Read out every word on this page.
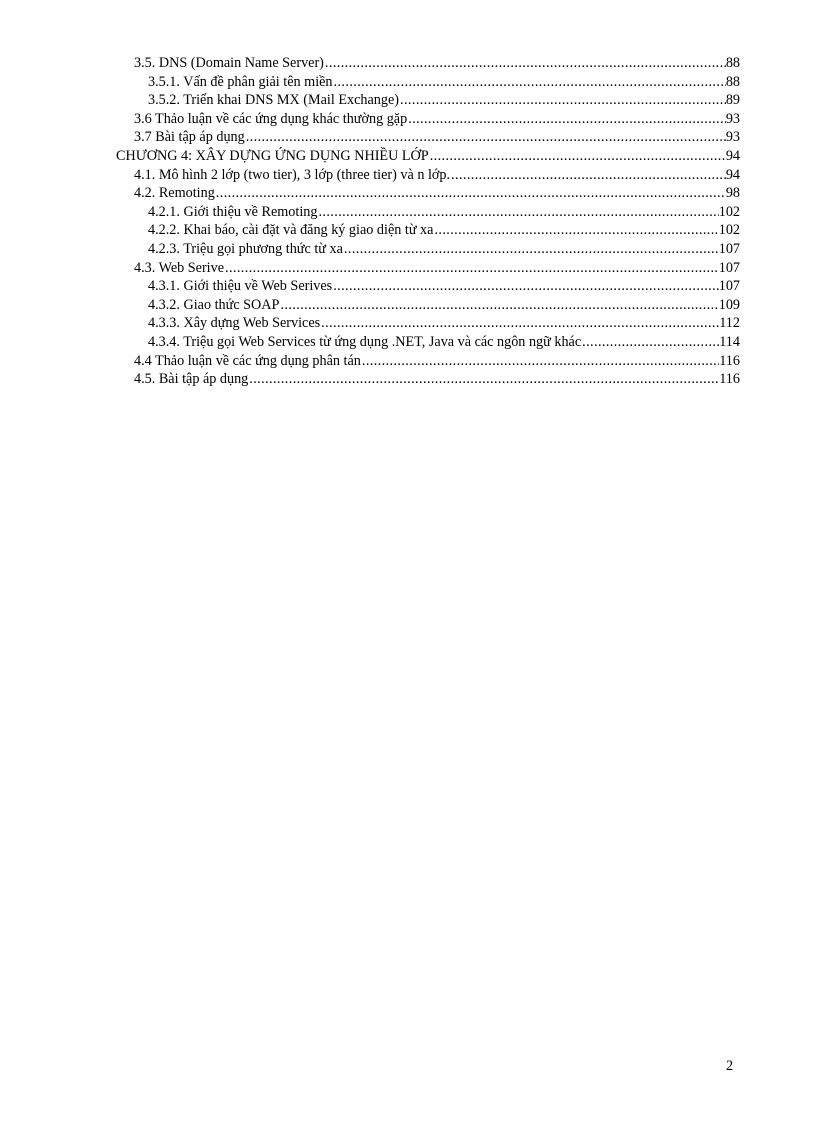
3.5. DNS (Domain Name Server) .....	88
3.5.1. Vấn đề phân giải tên miền .....	88
3.5.2. Triển khai DNS MX (Mail Exchange) .....	89
3.6 Thảo luận về các ứng dụng khác thường gặp .....	93
3.7 Bài tập áp dụng .....	93
CHƯƠNG 4: XÂY DỰNG ỨNG DỤNG NHIỀU LỚP .....	94
4.1. Mô hình 2 lớp (two tier), 3 lớp (three tier) và n lớp. .....	94
4.2. Remoting .....	98
4.2.1. Giới thiệu về Remoting .....	102
4.2.2. Khai báo, cài đặt và đăng ký giao diện từ xa .....	102
4.2.3. Triệu gọi phương thức từ xa .....	107
4.3. Web Serive .....	107
4.3.1. Giới thiệu về Web Serives .....	107
4.3.2. Giao thức SOAP .....	109
4.3.3. Xây dựng Web Services .....	112
4.3.4. Triệu gọi Web Services từ ứng dụng .NET, Java và các ngôn ngữ khác .....	114
4.4 Thảo luận về các ứng dụng phân tán .....	116
4.5. Bài tập áp dụng .....	116
2
